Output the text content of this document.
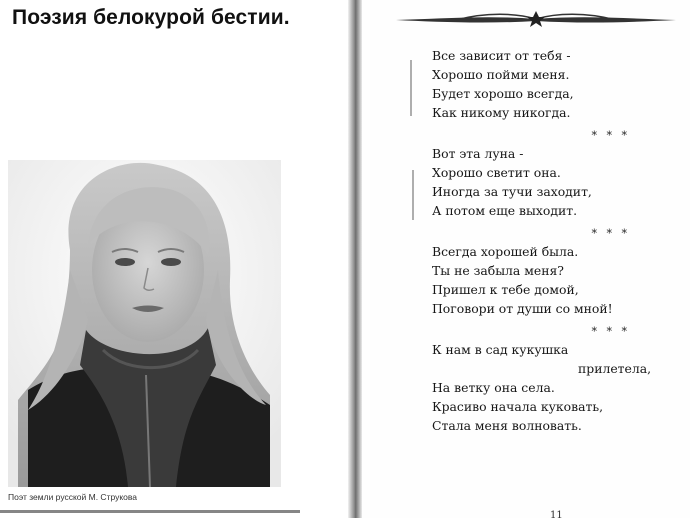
Поэзия белокурой бестии.
Поэт земли русской М. Струкова
Все зависит от тебя -
Хорошо пойми меня.
Будет хорошо всегда,
Как никому никогда.
* * *
Вот эта луна -
Хорошо светит она.
Иногда за тучи заходит,
А потом еще выходит.
* * *
Всегда хорошей была.
Ты не забыла меня?
Пришел к тебе домой,
Поговори от души со мной!
* * *
К нам в сад кукушка
прилетела,
На ветку она села.
Красиво начала куковать,
Стала меня волновать.
11
